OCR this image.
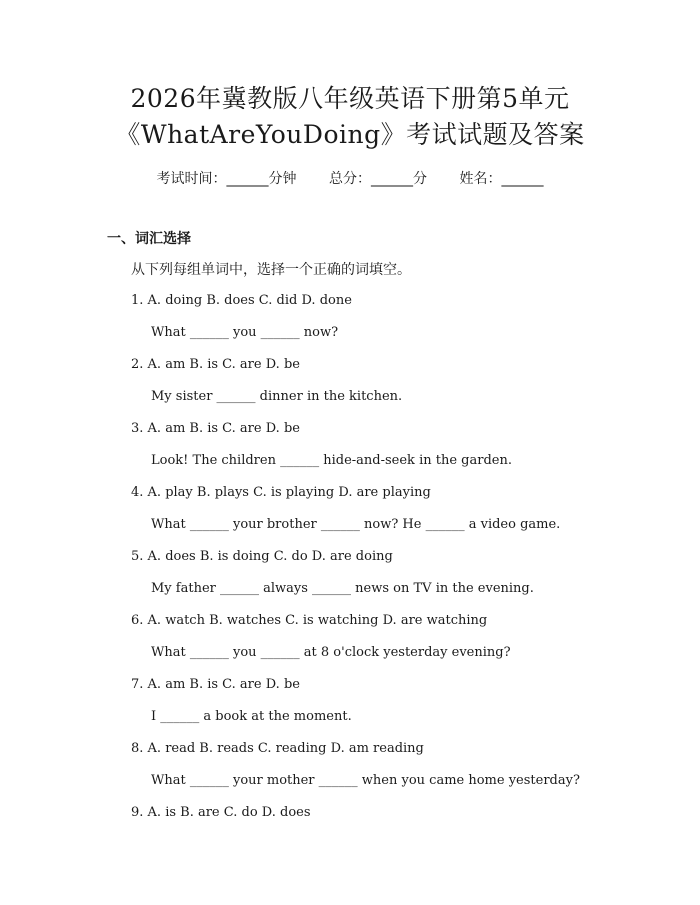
2026年冀教版八年级英语下册第5单元
《WhatAreYouDoing》考试试题及答案
考试时间：______分钟 总分：______分 姓名：______
一、词汇选择
从下列每组单词中，选择一个正确的词填空。
1. A. doing B. does C. did D. done
What ______ you ______ now?
2. A. am B. is C. are D. be
My sister ______ dinner in the kitchen.
3. A. am B. is C. are D. be
Look! The children ______ hide-and-seek in the garden.
4. A. play B. plays C. is playing D. are playing
What ______ your brother ______ now? He ______ a video game.
5. A. does B. is doing C. do D. are doing
My father ______ always ______ news on TV in the evening.
6. A. watch B. watches C. is watching D. are watching
What ______ you ______ at 8 o'clock yesterday evening?
7. A. am B. is C. are D. be
I ______ a book at the moment.
8. A. read B. reads C. reading D. am reading
What ______ your mother ______ when you came home yesterday?
9. A. is B. are C. do D. does
